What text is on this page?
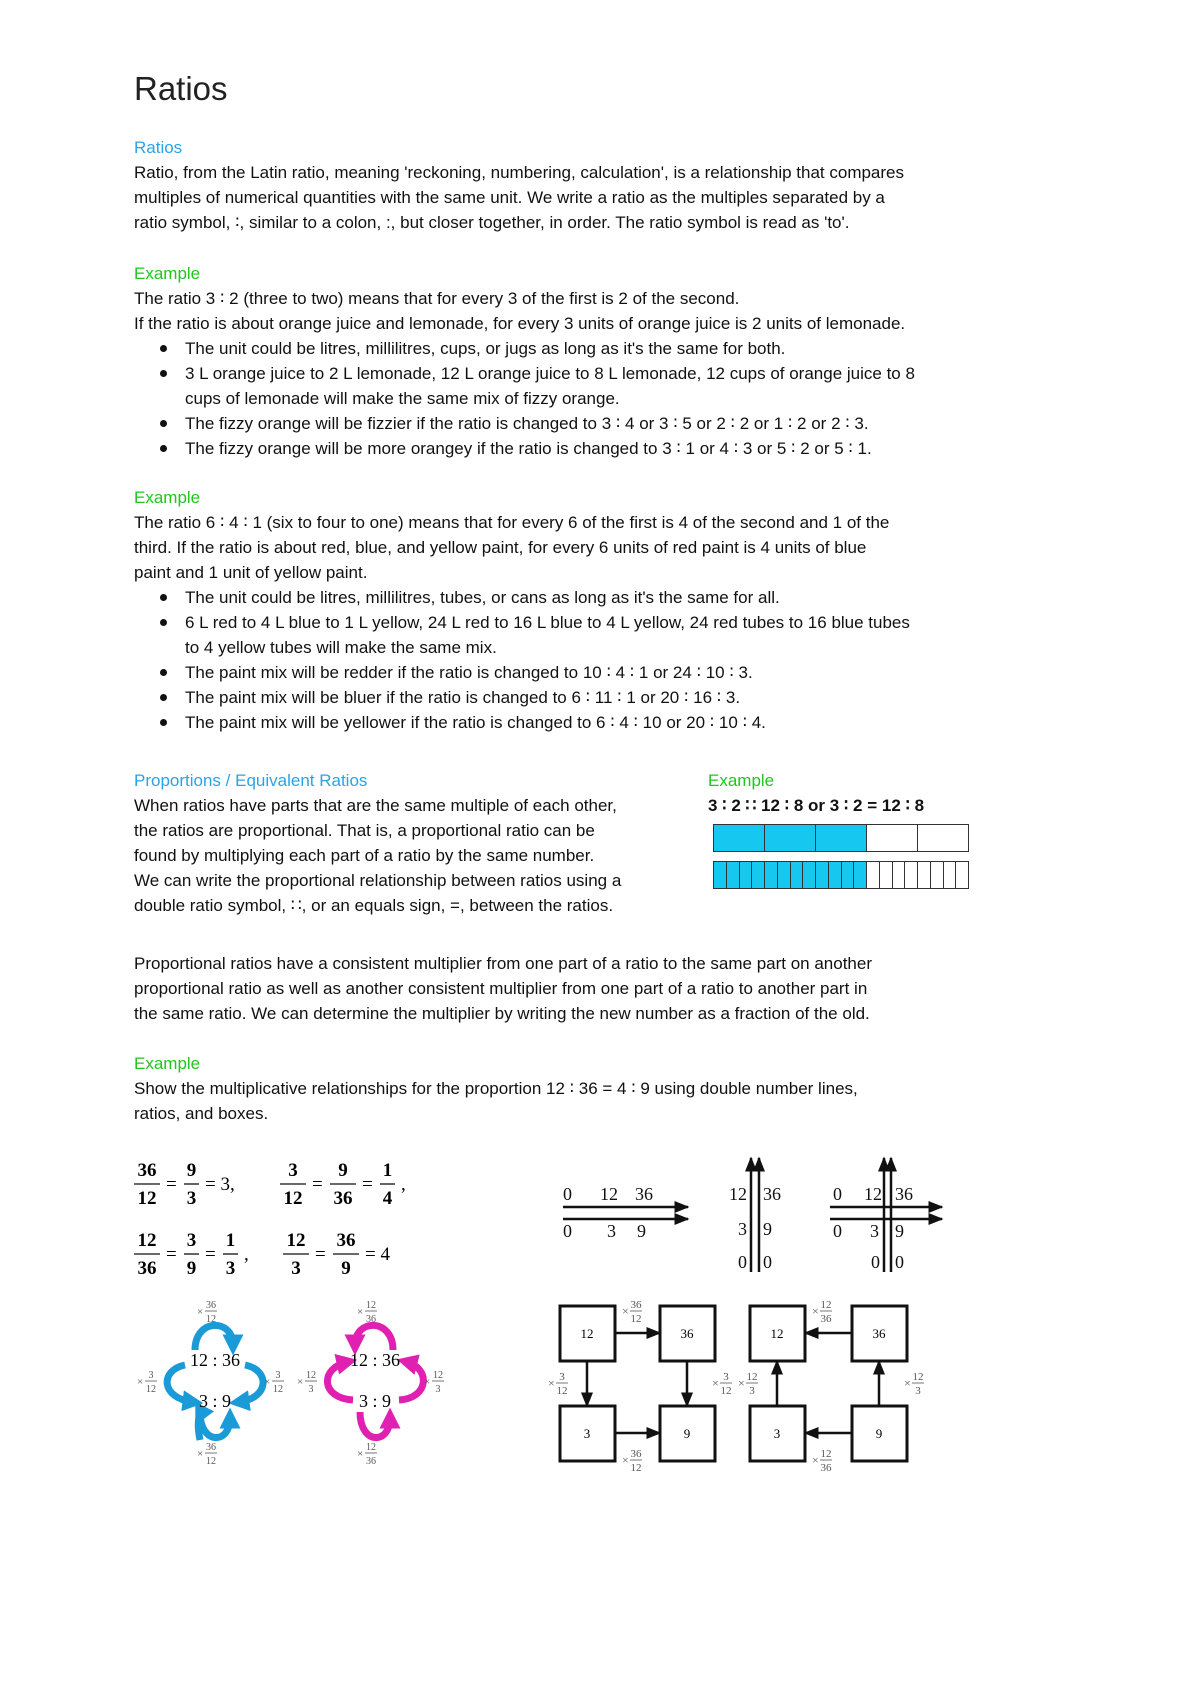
Ratios
Ratios
Ratio, from the Latin ratio, meaning 'reckoning, numbering, calculation', is a relationship that compares
multiples of numerical quantities with the same unit. We write a ratio as the multiples separated by a
ratio symbol, ∶, similar to a colon, :, but closer together, in order. The ratio symbol is read as 'to'.
Example
The ratio 3 ∶ 2 (three to two) means that for every 3 of the first is 2 of the second.
If the ratio is about orange juice and lemonade, for every 3 units of orange juice is 2 units of lemonade.
The unit could be litres, millilitres, cups, or jugs as long as it's the same for both.
3 L orange juice to 2 L lemonade, 12 L orange juice to 8 L lemonade, 12 cups of orange juice to 8
cups of lemonade will make the same mix of fizzy orange.
The fizzy orange will be fizzier if the ratio is changed to 3 ∶ 4 or 3 ∶ 5 or 2 ∶ 2 or 1 ∶ 2 or 2 ∶ 3.
The fizzy orange will be more orangey if the ratio is changed to 3 ∶ 1 or 4 ∶ 3 or 5 ∶ 2 or 5 ∶ 1.
Example
The ratio 6 ∶ 4 ∶ 1 (six to four to one) means that for every 6 of the first is 4 of the second and 1 of the
third. If the ratio is about red, blue, and yellow paint, for every 6 units of red paint is 4 units of blue
paint and 1 unit of yellow paint.
The unit could be litres, millilitres, tubes, or cans as long as it's the same for all.
6 L red to 4 L blue to 1 L yellow, 24 L red to 16 L blue to 4 L yellow, 24 red tubes to 16 blue tubes
to 4 yellow tubes will make the same mix.
The paint mix will be redder if the ratio is changed to 10 ∶ 4 ∶ 1 or 24 ∶ 10 ∶ 3.
The paint mix will be bluer if the ratio is changed to 6 ∶ 11 ∶ 1 or 20 ∶ 16 ∶ 3.
The paint mix will be yellower if the ratio is changed to 6 ∶ 4 ∶ 10 or 20 ∶ 10 ∶ 4.
Proportions / Equivalent Ratios
When ratios have parts that are the same multiple of each other,
the ratios are proportional. That is, a proportional ratio can be
found by multiplying each part of a ratio by the same number.
We can write the proportional relationship between ratios using a
double ratio symbol, ∷, or an equals sign, =, between the ratios.
Example
3 ∶ 2 ∷ 12 ∶ 8 or 3 ∶ 2 = 12 ∶ 8
Proportional ratios have a consistent multiplier from one part of a ratio to the same part on another
proportional ratio as well as another consistent multiplier from one part of a ratio to another part in
the same ratio. We can determine the multiplier by writing the new number as a fraction of the old.
Example
Show the multiplicative relationships for the proportion 12 ∶ 36 = 4 ∶ 9 using double number lines,
ratios, and boxes.
36
12
=
9
3
= 3,
3
12
=
9
36
=
1
4
,
12
36
=
3
9
=
1
3
,
12
3
=
36
9
= 4
12 : 36
3 : 9
×
36
12
×
3
12
×
3
12
×
36
12
12 : 36
3 : 9
×
12
36
×
12
3
×
12
3
×
12
36
0 12 36
0 3 9
12 36
3 9
0 0
0 12 36
0 3 9
0 0
12	36
3	9
× 36
12
× 3
12
× 3
12
× 36
12
12	36
3	9
× 12
36
× 12
3
× 12
3
× 12
36
